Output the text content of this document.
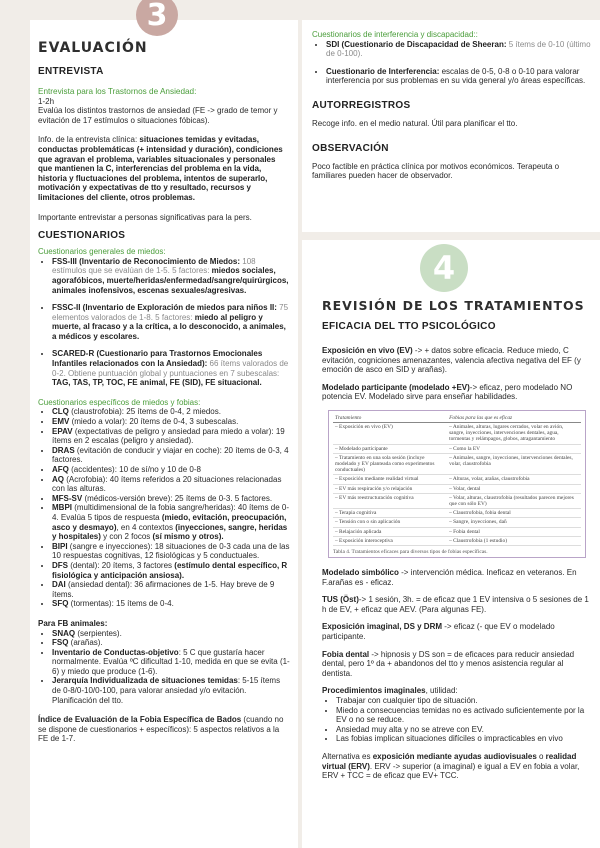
EVALUACIÓN
ENTREVISTA
Entrevista para los Trastornos de Ansiedad:
1-2h
Evalúa los distintos trastornos de ansiedad (FE -> grado de temor y evitación de 17 estímulos o situaciones fóbicas).

Info. de la entrevista clínica: situaciones temidas y evitadas, conductas problemáticas (+ intensidad y duración), condiciones que agravan el problema, variables situacionales y personales que mantienen la C, interferencias del problema en la vida, historia y fluctuaciones del problema, intentos de superarlo, motivación y expectativas de tto y resultado, recursos y limitaciones del cliente, otros problemas.

Importante entrevistar a personas significativas para la pers.
CUESTIONARIOS
Cuestionarios generales de miedos:
• FSS-III (Inventario de Reconocimiento de Miedos: 108 estímulos que se evalúan de 1-5. 5 factores: miedos sociales, agorafóbicos, muerte/heridas/enfermedad/sangre/quirúrgicos, animales inofensivos, escenas sexuales/agresivas.
• FSSC-II (Inventario de Exploración de miedos para niños II: 75 elementos valorados de 1-8. 5 factores: miedo al peligro y muerte, al fracaso y a la crítica, a lo desconocido, a animales, a médicos y escolares.
• SCARED-R (Cuestionario para Trastornos Emocionales Infantiles relacionados con la Ansiedad): 66 ítems valorados de 0-2. Obtiene puntuación global y puntuaciones en 7 subescalas: TAG, TAS, TP, TOC, FE animal, FE (SID), FE situacional.
Cuestionarios específicos de miedos y fobias:
• CLQ (claustrofobia): 25 ítems de 0-4, 2 miedos.
• EMV (miedo a volar): 20 ítems de 0-4, 3 subescalas.
• EPAV (expectativas de peligro y ansiedad para miedo a volar): 19 ítems en 2 escalas (peligro y ansiedad).
• DRAS (evitación de conducir y viajar en coche): 20 ítems de 0-3, 4 factores.
• AFQ (accidentes): 10 de sí/no y 10 de 0-8
• AQ (Acrofobia): 40 ítems referidos a 20 situaciones relacionadas con las alturas.
• MFS-SV (médicos-versión breve): 25 ítems de 0-3. 5 factores.
• MBPI (multidimensional de la fobia sangre/heridas): 40 ítems de 0-4. Evalúa 5 tipos de respuesta (miedo, evitación, preocupación, asco y desmayo), en 4 contextos (inyecciones, sangre, heridas y hospitales) y con 2 focos (sí mismo y otros).
• BIPI (sangre e inyecciones): 18 situaciones de 0-3 cada una de las 10 respuestas cognitivas, 12 fisiológicas y 5 conductuales.
• DFS (dental): 20 ítems, 3 factores (estímulo dental específico, R fisiológica y anticipación ansiosa).
• DAI (ansiedad dental): 36 afirmaciones de 1-5. Hay breve de 9 ítems.
• SFQ (tormentas): 15 ítems de 0-4.
Para FB animales:
• SNAQ (serpientes).
• FSQ (arañas).
• Inventario de Conductas-objetivo: 5 C que gustaría hacer normalmente. Evalúa ºC dificultad 1-10, medida en que se evita (1-6) y miedo que produce (1-6).
• Jerarquía Individualizada de situaciones temidas: 5-15 ítems de 0-8/0-10/0-100, para valorar ansiedad y/o evitación. Planificación del tto.

Índice de Evaluación de la Fobia Específica de Bados (cuando no se dispone de cuestionarios + específicos): 5 aspectos relativos a la FE de 1-7.

3
Cuestionarios de interferencia y discapacidad::
• SDI (Cuestionario de Discapacidad de Sheeran: 5 ítems de 0-10 (último de 0-100).
• Cuestionario de Interferencia: escalas de 0-5, 0-8 o 0-10 para valorar interferencia por sus problemas en su vida general y/o áreas específicas.
AUTORREGISTROS
Recoge info. en el medio natural. Útil para planificar el tto.
OBSERVACIÓN
Poco factible en práctica clínica por motivos económicos. Terapeuta o familiares pueden hacer de observador.
REVISIÓN DE LOS TRATAMIENTOS
EFICACIA DEL TTO PSICOLÓGICO

Exposición en vivo (EV) -> + datos sobre eficacia. Reduce miedo, C evitación, cogniciones amenazantes, valencia afectiva negativa del EF (y emoción de asco en SID y arañas).

Modelado participante (modelado +EV)-> eficaz, pero modelado NO potencia EV. Modelado sirve para enseñar habilidades.

Tratamiento	Fobias para las que es eficaz
– Exposición en vivo (EV)	– Animales, alturas, lugares cerrados, volar en avión, sangre, inyecciones, intervenciones dentales, agua, tormentas y relámpagos, globos, atragantamiento
– Modelado participante	– Como la EV
– Tratamiento en una sola sesión (incluye modelado y EV planteada como experimentos conductuales)	– Animales, sangre, inyecciones, intervenciones dentales, volar, claustrofobia
– Exposición mediante realidad virtual	– Alturas, volar, arañas, claustrofobia
– EV más respiración y/o relajación	– Volar, dental
– EV más reestructuración cognitiva	– Volar, alturas, claustrofobia (resultados parecen mejores que con sólo EV)
– Terapia cognitiva	– Claustrofobia, fobia dental
– Tensión con o sin aplicación	– Sangre, inyecciones, dañ
– Relajación aplicada	– Fobia dental
– Exposición interoceptiva	– Claustrofobia (1 estudio)
Tabla 4. Tratamientos eficaces para diversos tipos de fobias específicas.

Modelado simbólico -> intervención médica. Ineficaz en veteranos. En F.arañas es - eficaz.

TUS (Öst)-> 1 sesión, 3h. = de eficaz que 1 EV intensiva o 5 sesiones de 1 h de EV, + eficaz que AEV. (Para algunas FE).

Exposición imaginal, DS y DRM -> eficaz (- que EV o modelado participante.

Fobia dental -> hipnosis y DS son = de eficaces para reducir ansiedad dental, pero 1º da + abandonos del tto y menos asistencia regular al dentista.

Procedimientos imaginales, utilidad:

• Trabajar con cualquier tipo de situación.
• Miedo a consecuencias temidas no es activado suficientemente por la EV o no se reduce.
• Ansiedad muy alta y no se atreve con EV.
• Las fobias implican situaciones difíciles o impracticables en vivo

Alternativa es exposición mediante ayudas audiovisuales o realidad virtual (ERV). ERV -> superior (a imaginal) e igual a EV en fobia a volar, ERV + TCC = de eficaz que EV+ TCC.

4
